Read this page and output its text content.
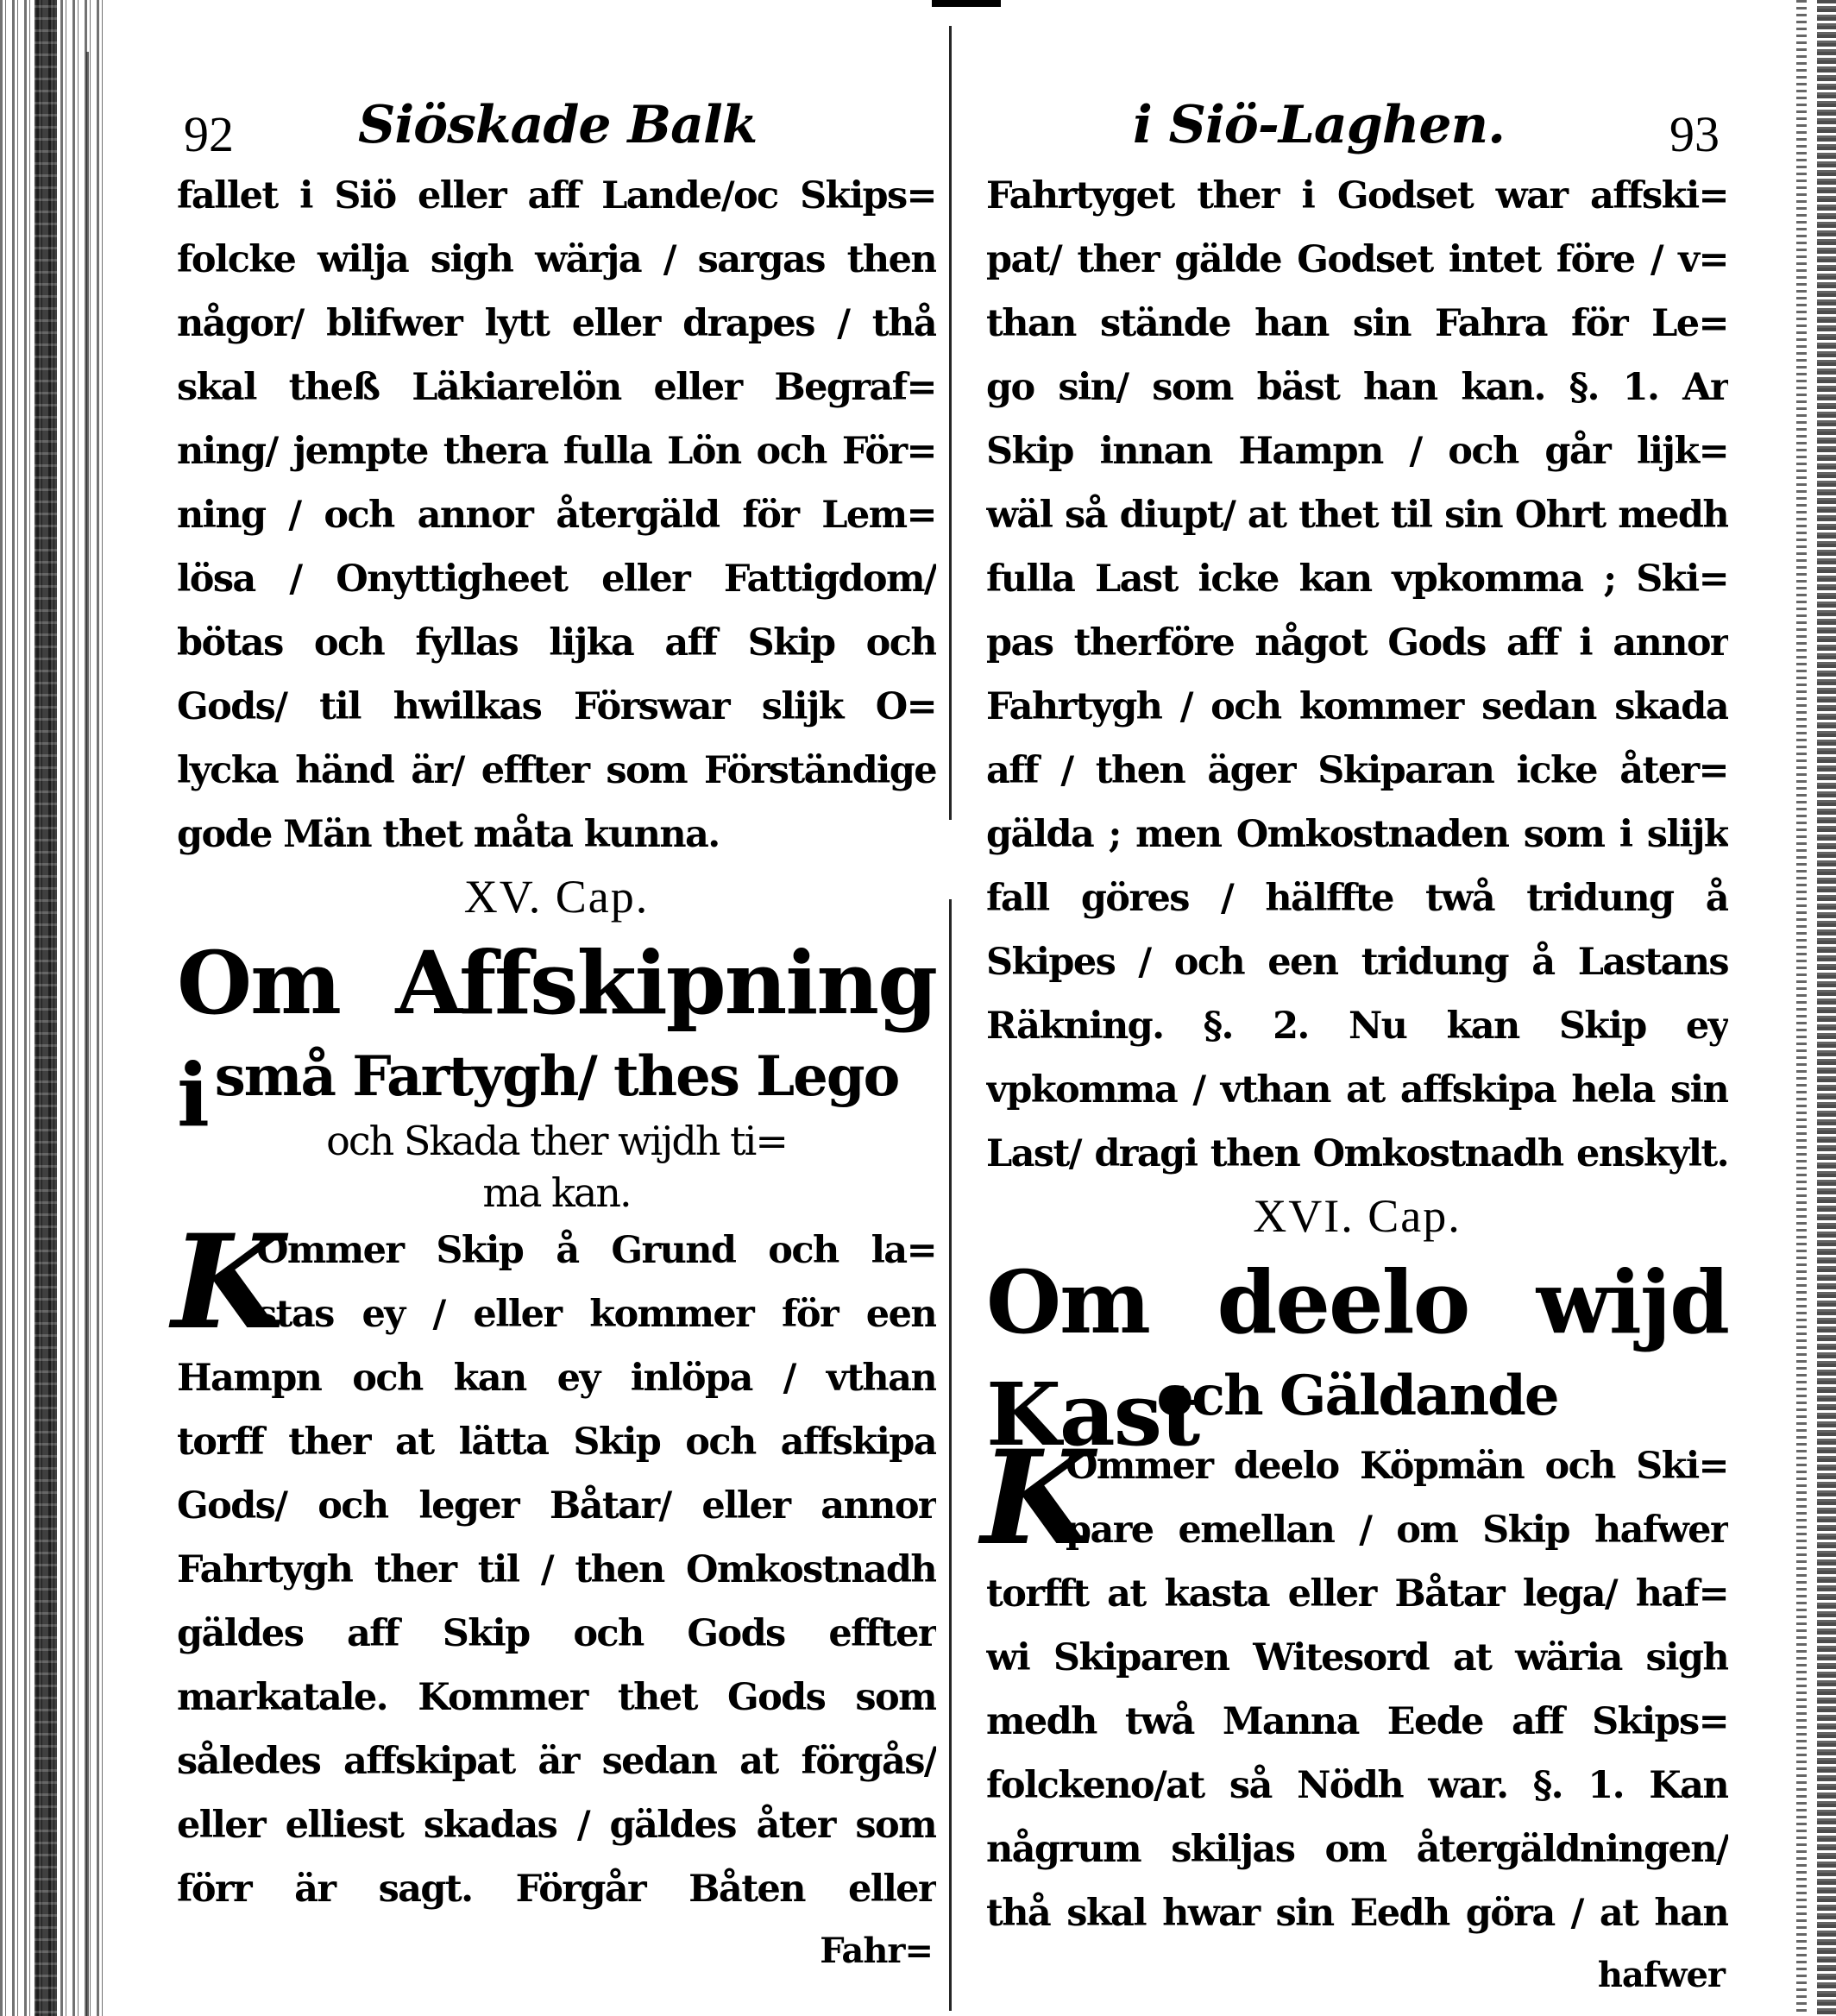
92 Siöskade Balk
fallet i Siö eller aff Lande/oc Skips=
folcke wilja sigh wärja / sargas then
någor/ blifwer lytt eller drapes / thå
skal theß Läkiarelön eller Begraf=
ning/ jempte thera fulla Lön och För=
ning / och annor återgäld för Lem=
lösa / Onyttigheet eller Fattigdom/
bötas och fyllas lijka aff Skip och
Gods/ til hwilkas Förswar slijk O=
lycka händ är/ effter som Förständige
gode Män thet måta kunna.
XV. Cap.
Om Affskipning i små Fartygh/ thes Lego
och Skada ther wijdh ti=
ma kan.
K
Ommer Skip å Grund och la=
stas ey / eller kommer för een
Hampn och kan ey inlöpa / vthan
torff ther at lätta Skip och affskipa
Gods/ och leger Båtar/ eller annor
Fahrtygh ther til / then Omkostnadh
gäldes aff Skip och Gods effter
markatale. Kommer thet Gods som
således affskipat är sedan at förgås/
eller elliest skadas / gäldes åter som
förr är sagt. Förgår Båten eller
Fahr=
i Siö-Laghen.	93
Fahrtyget ther i Godset war affski=
pat/ ther gälde Godset intet före / v=
than stände han sin Fahra för Le=
go sin/ som bäst han kan. §. 1. Ar
Skip innan Hampn / och går lijk=
wäl så diupt/ at thet til sin Ohrt medh
fulla Last icke kan vpkomma ; Ski=
pas therföre något Gods aff i annor
Fahrtygh / och kommer sedan skada
aff / then äger Skiparan icke åter=
gälda ; men Omkostnaden som i slijk
fall göres / hälffte twå tridung å
Skipes / och een tridung å Lastans
Räkning. §. 2. Nu kan Skip ey
vpkomma / vthan at affskipa hela sin
Last/ dragi then Omkostnadh enskylt.
XVI. Cap.
Om deelo wijd Kast
och Gäldande
K
Ommer deelo Köpmän och Ski=
pare emellan / om Skip hafwer
torfft at kasta eller Båtar lega/ haf=
wi Skiparen Witesord at wäria sigh
medh twå Manna Eede aff Skips=
folckeno/at så Nödh war. §. 1. Kan
någrum skiljas om återgäldningen/
thå skal hwar sin Eedh göra / at han
hafwer
